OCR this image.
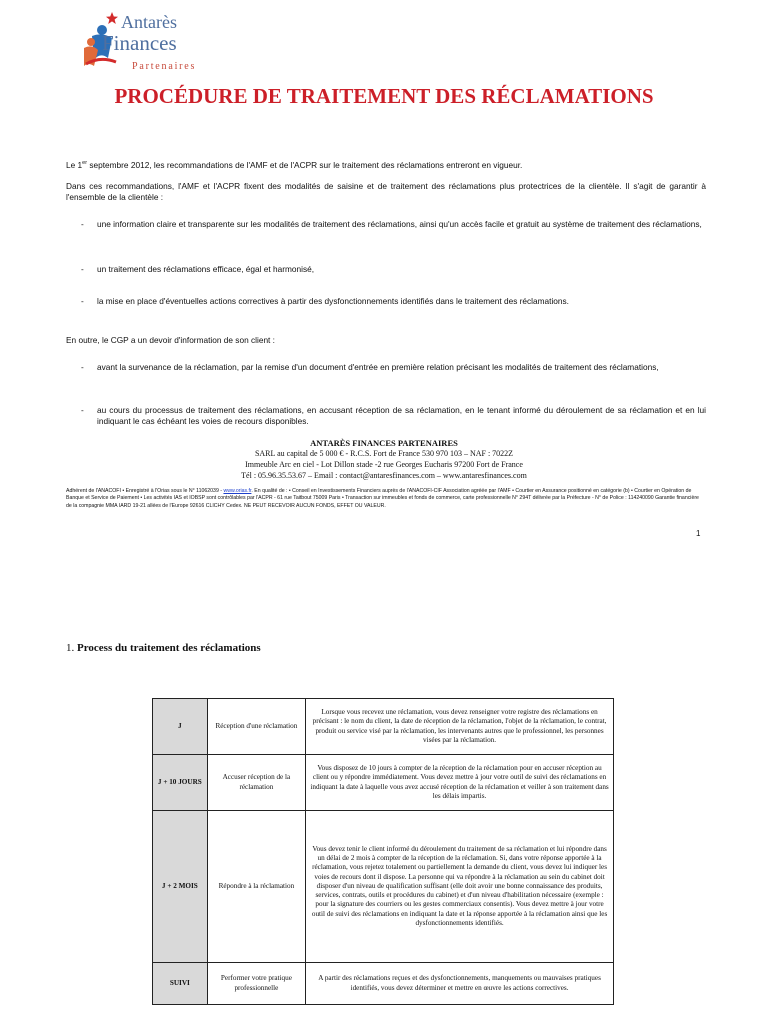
Antarès
Finances
Partenaires
PROCÉDURE DE TRAITEMENT DES RÉCLAMATIONS
Le 1er septembre 2012, les recommandations de l'AMF et de l'ACPR sur le traitement des réclamations entreront en vigueur.
Dans ces recommandations, l'AMF et l'ACPR fixent des modalités de saisine et de traitement des réclamations plus protectrices de la clientèle. Il s'agit de garantir à l'ensemble de la clientèle :
- une information claire et transparente sur les modalités de traitement des réclamations, ainsi qu'un accès facile et gratuit au système de traitement des réclamations,
- un traitement des réclamations efficace, égal et harmonisé,
- la mise en place d'éventuelles actions correctives à partir des dysfonctionnements identifiés dans le traitement des réclamations.
En outre, le CGP a un devoir d'information de son client :
- avant la survenance de la réclamation, par la remise d'un document d'entrée en première relation précisant les modalités de traitement des réclamations,
- au cours du processus de traitement des réclamations, en accusant réception de sa réclamation, en le tenant informé du déroulement de sa réclamation et en lui indiquant le cas échéant les voies de recours disponibles.
ANTARÈS FINANCES PARTENAIRES
SARL au capital de 5 000 € - R.C.S. Fort de France 530 970 103 – NAF : 7022Z
Immeuble Arc en ciel - Lot Dillon stade -2 rue Georges Eucharis 97200 Fort de France
Tél : 05.96.35.53.67 – Email : contact@antaresfinances.com – www.antaresfinances.com
Adhérent de l'ANACOFI • Enregistré à l'Orias sous le N° 11062039 - www.orias.fr. En qualité de : • Conseil en Investissements Financiers auprès de l'ANACOFI-CIF Association agréée par l'AMF • Courtier en Assurance positionné en catégorie (b) • Courtier en Opération de Banque et Service de Paiement • Les activités IAS et IOBSP sont contrôlables par l'ACPR - 61 rue Taitbout 75009 Paris • Transaction sur immeubles et fonds de commerce, carte professionnelle N° 294T délivrée par la Préfecture - N° de Police : 114240090 Garantie financière de la compagnie MMA IARD 19-21 allées de l'Europe 92616 CLICHY Cedex. NE PEUT RECEVOIR AUCUN FONDS, EFFET OU VALEUR.
1
1. Process du traitement des réclamations
J	Réception d'une réclamation	Lorsque vous recevez une réclamation, vous devez renseigner votre registre des réclamations en précisant : le nom du client, la date de réception de la réclamation, l'objet de la réclamation, le contrat, produit ou service visé par la réclamation, les intervenants autres que le professionnel, les personnes visées par la réclamation.
J + 10 JOURS	Accuser réception de la réclamation	Vous disposez de 10 jours à compter de la réception de la réclamation pour en accuser réception au client ou y répondre immédiatement. Vous devez mettre à jour votre outil de suivi des réclamations en indiquant la date à laquelle vous avez accusé réception de la réclamation et veiller à son traitement dans les délais impartis.
J + 2 MOIS	Répondre à la réclamation	Vous devez tenir le client informé du déroulement du traitement de sa réclamation et lui répondre dans un délai de 2 mois à compter de la réception de la réclamation. Si, dans votre réponse apportée à la réclamation, vous rejetez totalement ou partiellement la demande du client, vous devez lui indiquer les voies de recours dont il dispose. La personne qui va répondre à la réclamation au sein du cabinet doit disposer d'un niveau de qualification suffisant (elle doit avoir une bonne connaissance des produits, services, contrats, outils et procédures du cabinet) et d'un niveau d'habilitation nécessaire (exemple : pour la signature des courriers ou les gestes commerciaux consentis). Vous devez mettre à jour votre outil de suivi des réclamations en indiquant la date et la réponse apportée à la réclamation ainsi que les dysfonctionnements identifiés.
SUIVI	Performer votre pratique professionnelle	A partir des réclamations reçues et des dysfonctionnements, manquements ou mauvaises pratiques identifiés, vous devez déterminer et mettre en œuvre les actions correctives.
